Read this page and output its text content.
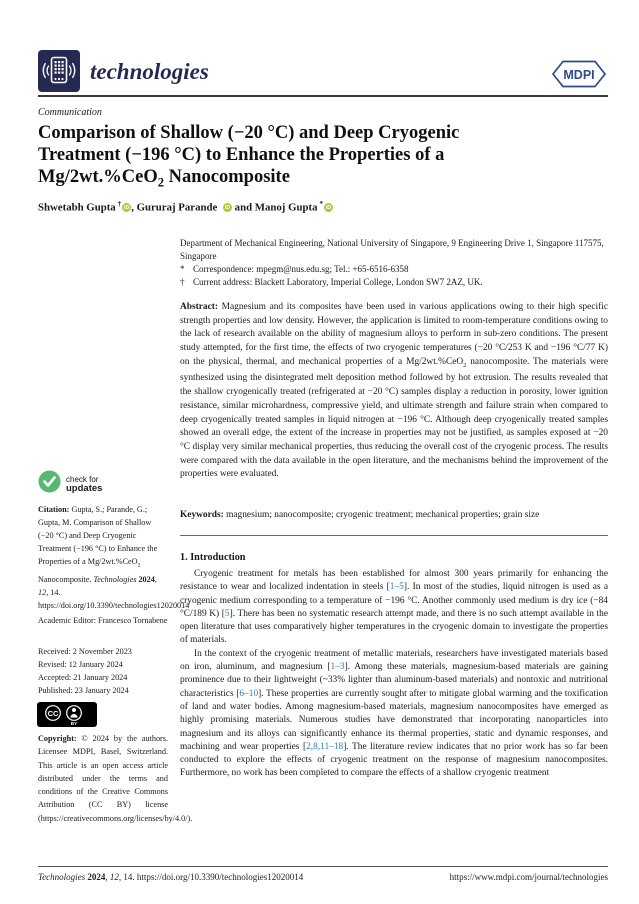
technologies	MDPI
Communication
Comparison of Shallow (−20 °C) and Deep Cryogenic
Treatment (−196 °C) to Enhance the Properties of a
Mg/2wt.%CeO$_2$ Nanocomposite
Shwetabh Gupta † iD , Gururaj Parande iD and Manoj Gupta * iD
Department of Mechanical Engineering, National University of Singapore, 9 Engineering Drive 1, Singapore 117575, Singapore
* Correspondence: mpegm@nus.edu.sg; Tel.: +65-6516-6358
† Current address: Blackett Laboratory, Imperial College, London SW7 2AZ, UK.
Abstract: Magnesium and its composites have been used in various applications owing to their high specific strength properties and low density. However, the application is limited to room-temperature conditions owing to the lack of research available on the ability of magnesium alloys to perform in sub-zero conditions. The present study attempted, for the first time, the effects of two cryogenic temperatures (−20 °C/253 K and −196 °C/77 K) on the physical, thermal, and mechanical properties of a Mg/2wt.%CeO$_2$ nanocomposite. The materials were synthesized using the disintegrated melt deposition method followed by hot extrusion. The results revealed that the shallow cryogenically treated (refrigerated at −20 °C) samples display a reduction in porosity, lower ignition resistance, similar microhardness, compressive yield, and ultimate strength and failure strain when compared to deep cryogenically treated samples in liquid nitrogen at −196 °C. Although deep cryogenically treated samples showed an overall edge, the extent of the increase in properties may not be justified, as samples exposed at −20 °C display very similar mechanical properties, thus reducing the overall cost of the cryogenic process. The results were compared with the data available in the open literature, and the mechanisms behind the improvement of the properties were evaluated.
Keywords: magnesium; nanocomposite; cryogenic treatment; mechanical properties; grain size
1. Introduction

Cryogenic treatment for metals has been established for almost 300 years primarily for enhancing the resistance to wear and localized indentation in steels [1–5]. In most of the studies, liquid nitrogen is used as a cryogenic medium corresponding to a temperature of −196 °C. Another commonly used medium is dry ice (−84 °C/189 K) [5]. There has been no systematic research attempt made, and there is no such attempt available in the open literature that uses comparatively higher temperatures in the cryogenic domain to investigate the properties of materials.

In the context of the cryogenic treatment of metallic materials, researchers have investigated materials based on iron, aluminum, and magnesium [1–3]. Among these materials, magnesium-based materials are gaining prominence due to their lightweight (~33% lighter than aluminum-based materials) and nontoxic and nutritional characteristics [6–10]. These properties are currently sought after to mitigate global warming and the toxification of land and water bodies. Among magnesium-based materials, magnesium nanocomposites have emerged as highly promising materials. Numerous studies have demonstrated that incorporating nanoparticles into magnesium and its alloys can significantly enhance its thermal properties, static and dynamic responses, and machining and wear properties [2,8,11–18]. The literature review indicates that no prior work has so far been conducted to explore the effects of cryogenic treatment on the response of magnesium nanocomposites. Furthermore, no work has been completed to compare the effects of a shallow cryogenic treatment

check for
updates
Citation: Gupta, S.; Parande, G.; Gupta, M. Comparison of Shallow (−20 °C) and Deep Cryogenic Treatment (−196 °C) to Enhance the Properties of a Mg/2wt.%CeO$_2$ Nanocomposite. Technologies 2024, 12, 14. https://doi.org/10.3390/technologies12020014
Academic Editor: Francesco Tornabene
Received: 2 November 2023
Revised: 12 January 2024
Accepted: 21 January 2024
Published: 23 January 2024
CC
BY
Copyright: © 2024 by the authors. Licensee MDPI, Basel, Switzerland. This article is an open access article distributed under the terms and conditions of the Creative Commons Attribution (CC BY) license (https://creativecommons.org/licenses/by/4.0/).
Technologies 2024, 12, 14. https://doi.org/10.3390/technologies12020014	https://www.mdpi.com/journal/technologies
